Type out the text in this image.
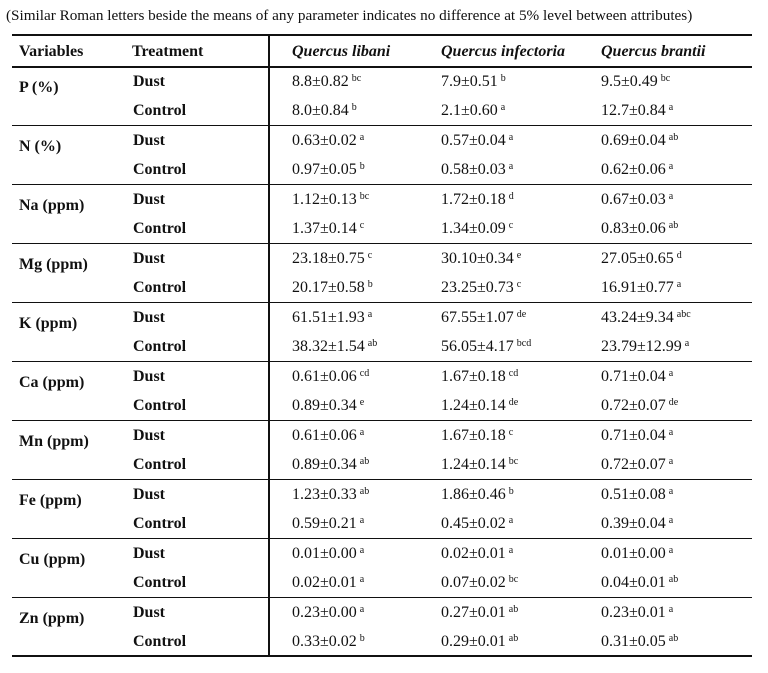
(Similar Roman letters beside the means of any parameter indicates no difference at 5% level between attributes)
Variables	Treatment	Quercus libani	Quercus infectoria	Quercus brantii
P (%)	Dust	8.8±0.82 $^{bc}$	7.9±0.51 $^b$	9.5±0.49 $^{bc}$
	Control	8.0±0.84 $^b$	2.1±0.60 $^a$	12.7±0.84 $^a$
N (%)	Dust	0.63±0.02 $^a$	0.57±0.04 $^a$	0.69±0.04 $^{ab}$
	Control	0.97±0.05 $^b$	0.58±0.03 $^a$	0.62±0.06 $^a$
Na (ppm)	Dust	1.12±0.13 $^{bc}$	1.72±0.18 $^d$	0.67±0.03 $^a$
	Control	1.37±0.14 $^c$	1.34±0.09 $^c$	0.83±0.06 $^{ab}$
Mg (ppm)	Dust	23.18±0.75 $^c$	30.10±0.34 $^e$	27.05±0.65 $^d$
	Control	20.17±0.58 $^b$	23.25±0.73 $^c$	16.91±0.77 $^a$
K (ppm)	Dust	61.51±1.93 $^a$	67.55±1.07 $^{de}$	43.24±9.34 $^{abc}$
	Control	38.32±1.54 $^{ab}$	56.05±4.17 $^{bcd}$	23.79±12.99 $^a$
Ca (ppm)	Dust	0.61±0.06 $^{cd}$	1.67±0.18 $^{cd}$	0.71±0.04 $^a$
	Control	0.89±0.34 $^e$	1.24±0.14 $^{de}$	0.72±0.07 $^{de}$
Mn (ppm)	Dust	0.61±0.06 $^a$	1.67±0.18 $^c$	0.71±0.04 $^a$
	Control	0.89±0.34 $^{ab}$	1.24±0.14 $^{bc}$	0.72±0.07 $^a$
Fe (ppm)	Dust	1.23±0.33 $^{ab}$	1.86±0.46 $^b$	0.51±0.08 $^a$
	Control	0.59±0.21 $^a$	0.45±0.02 $^a$	0.39±0.04 $^a$
Cu (ppm)	Dust	0.01±0.00 $^a$	0.02±0.01 $^a$	0.01±0.00 $^a$
	Control	0.02±0.01 $^a$	0.07±0.02 $^{bc}$	0.04±0.01 $^{ab}$
Zn (ppm)	Dust	0.23±0.00 $^a$	0.27±0.01 $^{ab}$	0.23±0.01 $^a$
	Control	0.33±0.02 $^b$	0.29±0.01 $^{ab}$	0.31±0.05 $^{ab}$
